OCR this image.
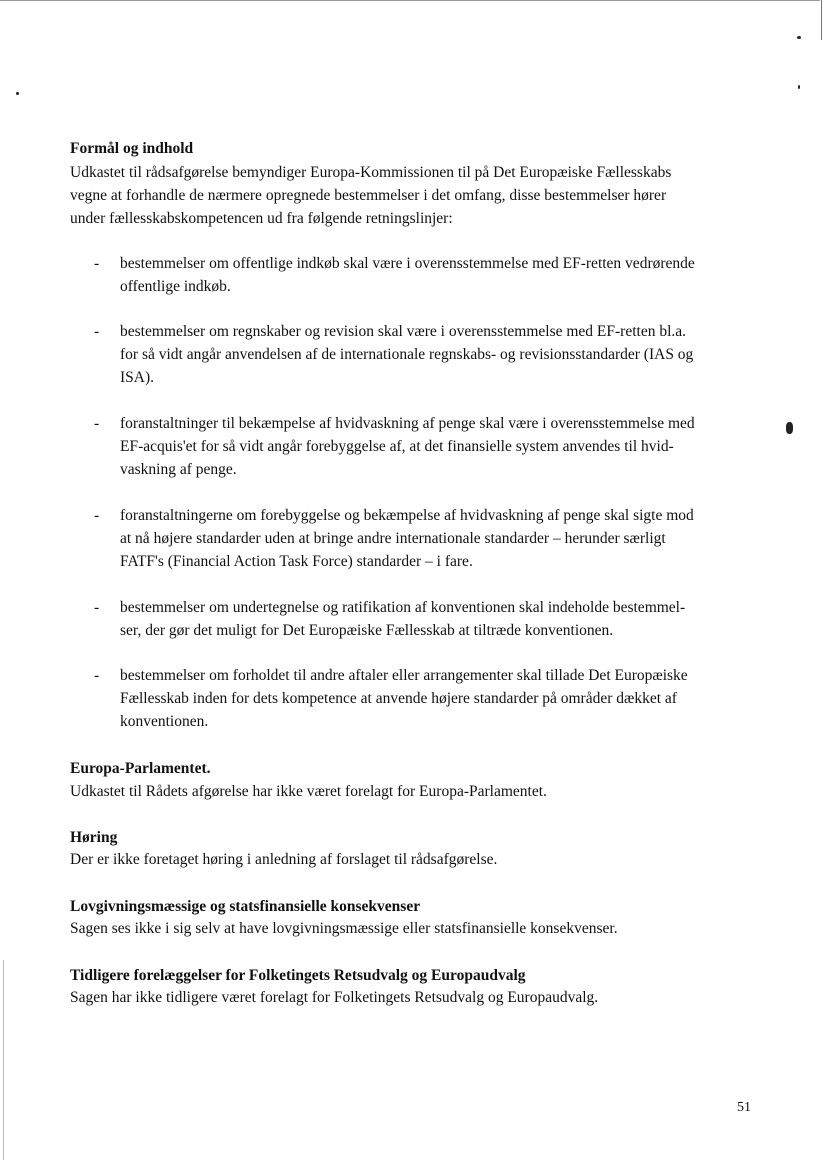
Formål og indhold

Udkastet til rådsafgørelse bemyndiger Europa-Kommissionen til på Det Europæiske Fællesskabs

vegne at forhandle de nærmere opregnede bestemmelser i det omfang, disse bestemmelser hører

under fællesskabskompetencen ud fra følgende retningslinjer:

- bestemmelser om offentlige indkøb skal være i overensstemmelse med EF-retten vedrørende

offentlige indkøb.

- bestemmelser om regnskaber og revision skal være i overensstemmelse med EF-retten bl.a.

for så vidt angår anvendelsen af de internationale regnskabs- og revisionsstandarder (IAS og

ISA).

- foranstaltninger til bekæmpelse af hvidvaskning af penge skal være i overensstemmelse med

EF-acquis'et for så vidt angår forebyggelse af, at det finansielle system anvendes til hvid-

vaskning af penge.

- foranstaltningerne om forebyggelse og bekæmpelse af hvidvaskning af penge skal sigte mod

at nå højere standarder uden at bringe andre internationale standarder – herunder særligt

FATF's (Financial Action Task Force) standarder – i fare.

- bestemmelser om undertegnelse og ratifikation af konventionen skal indeholde bestemmel-

ser, der gør det muligt for Det Europæiske Fællesskab at tiltræde konventionen.

- bestemmelser om forholdet til andre aftaler eller arrangementer skal tillade Det Europæiske

Fællesskab inden for dets kompetence at anvende højere standarder på områder dækket af

konventionen.

Europa-Parlamentet.

Udkastet til Rådets afgørelse har ikke været forelagt for Europa-Parlamentet.

Høring

Der er ikke foretaget høring i anledning af forslaget til rådsafgørelse.

Lovgivningsmæssige og statsfinansielle konsekvenser

Sagen ses ikke i sig selv at have lovgivningsmæssige eller statsfinansielle konsekvenser.

Tidligere forelæggelser for Folketingets Retsudvalg og Europaudvalg

Sagen har ikke tidligere været forelagt for Folketingets Retsudvalg og Europaudvalg.

51
